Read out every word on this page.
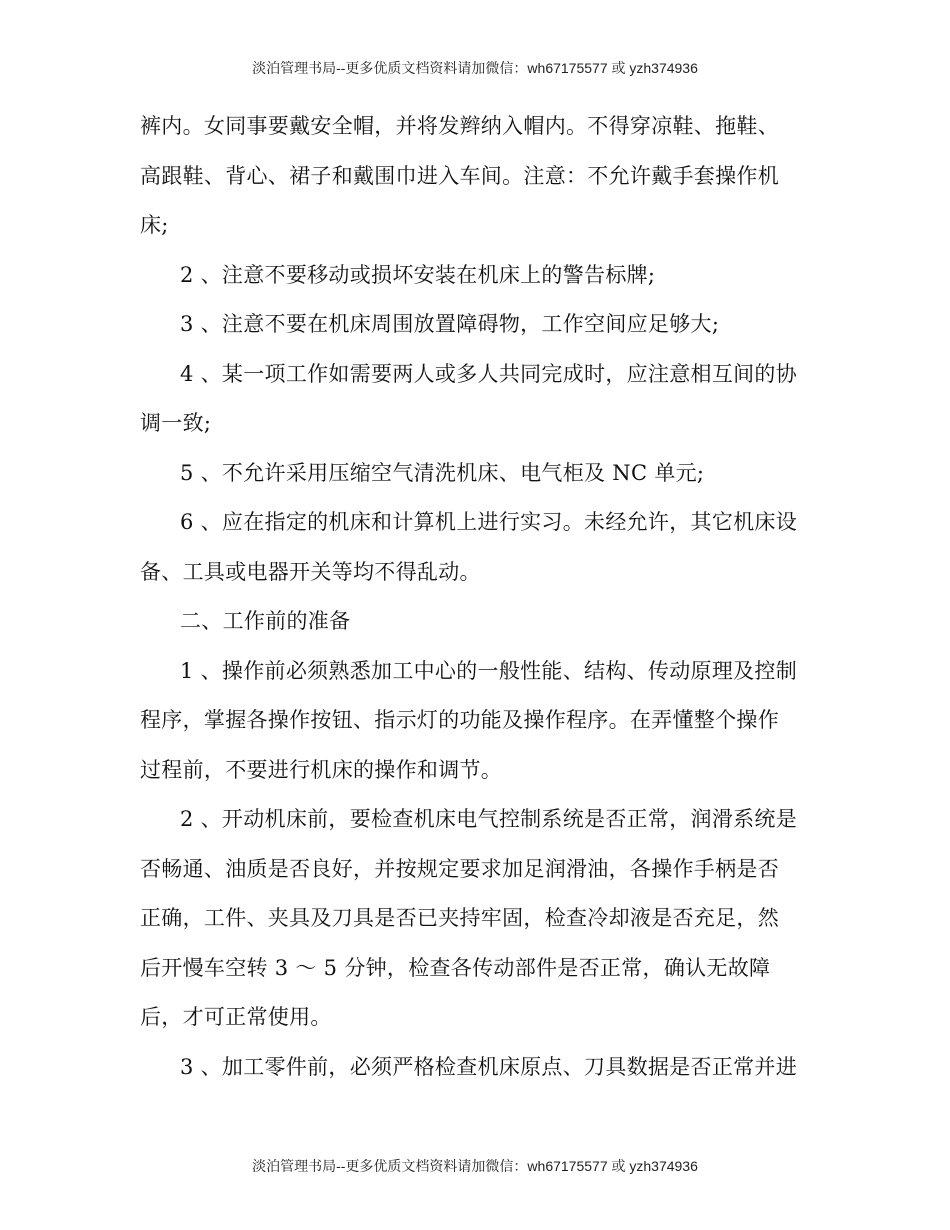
淡泊管理书局--更多优质文档资料请加微信：wh67175577 或 yzh374936
裤内。女同事要戴安全帽，并将发辫纳入帽内。不得穿凉鞋、拖鞋、
高跟鞋、背心、裙子和戴围巾进入车间。注意：不允许戴手套操作机
床;
2 、注意不要移动或损坏安装在机床上的警告标牌;
3 、注意不要在机床周围放置障碍物，工作空间应足够大;
4 、某一项工作如需要两人或多人共同完成时，应注意相互间的协
调一致;
5 、不允许采用压缩空气清洗机床、电气柜及 NC 单元;
6 、应在指定的机床和计算机上进行实习。未经允许，其它机床设
备、工具或电器开关等均不得乱动。
二、工作前的准备
1 、操作前必须熟悉加工中心的一般性能、结构、传动原理及控制
程序，掌握各操作按钮、指示灯的功能及操作程序。在弄懂整个操作
过程前，不要进行机床的操作和调节。
2 、开动机床前，要检查机床电气控制系统是否正常，润滑系统是
否畅通、油质是否良好，并按规定要求加足润滑油，各操作手柄是否
正确，工件、夹具及刀具是否已夹持牢固，检查冷却液是否充足，然
后开慢车空转 3 ～ 5 分钟，检查各传动部件是否正常，确认无故障
后，才可正常使用。
3 、加工零件前，必须严格检查机床原点、刀具数据是否正常并进
淡泊管理书局--更多优质文档资料请加微信：wh67175577 或 yzh374936
